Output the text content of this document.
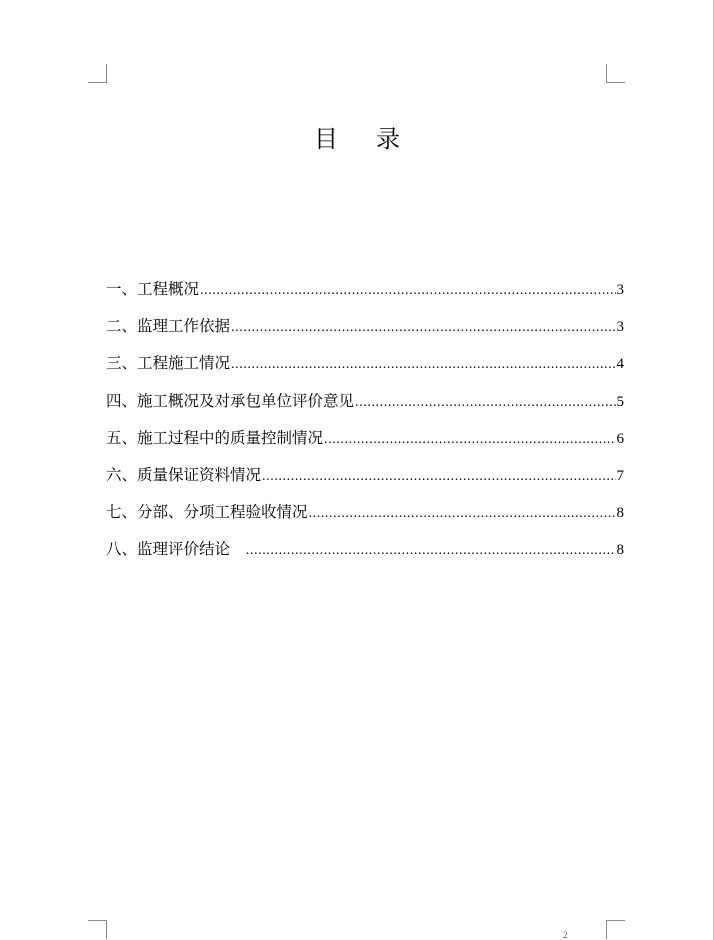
目录
一、工程概况 .....	3
二、监理工作依据 .....	3
三、工程施工情况 .....	4
四、施工概况及对承包单位评价意见 .....	5
五、施工过程中的质量控制情况 .....	6
六、质量保证资料情况 .....	7
七、分部、分项工程验收情况 .....	8
八、监理评价结论 .....	8
2
